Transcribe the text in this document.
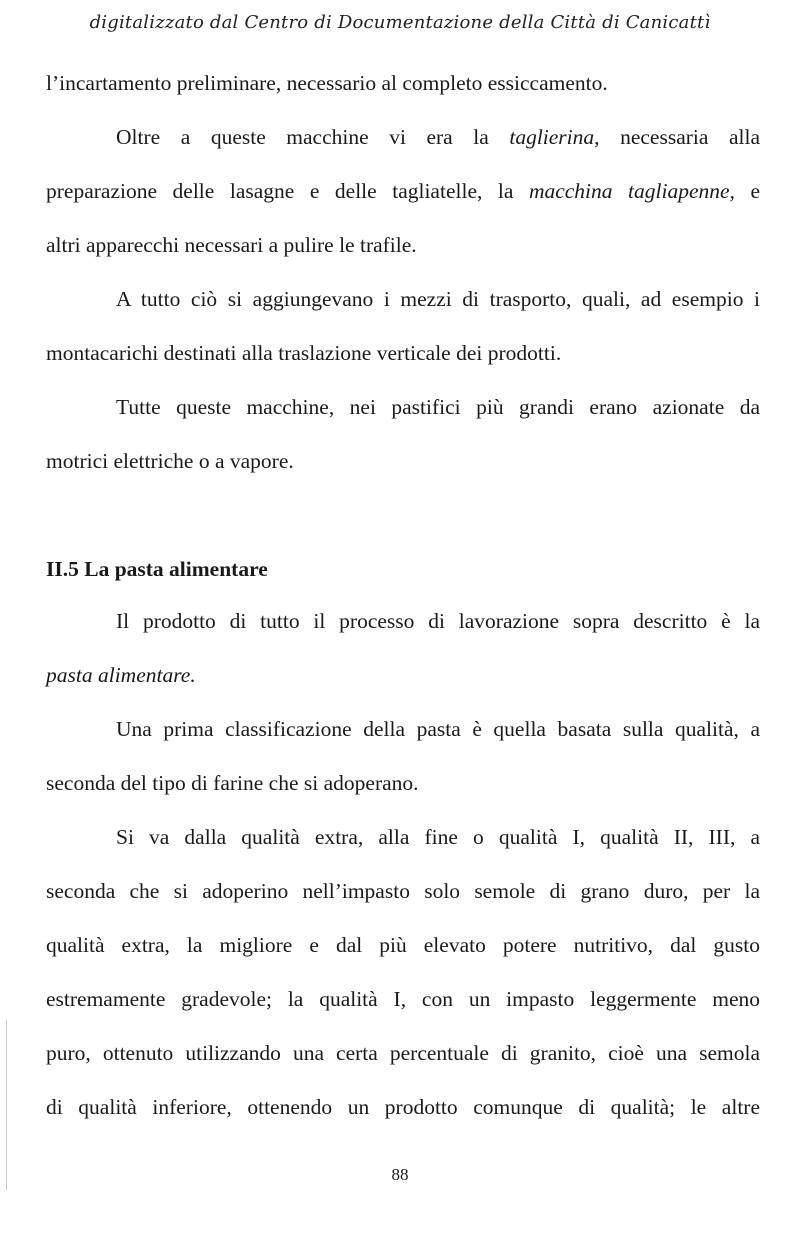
digitalizzato dal Centro di Documentazione della Città di Canicattì
l’incartamento preliminare, necessario al completo essiccamento.
Oltre a queste macchine vi era la taglierina, necessaria alla
preparazione delle lasagne e delle tagliatelle, la macchina tagliapenne, e
altri apparecchi necessari a pulire le trafile.
A tutto ciò si aggiungevano i mezzi di trasporto, quali, ad esempio i
montacarichi destinati alla traslazione verticale dei prodotti.
Tutte queste macchine, nei pastifici più grandi erano azionate da
motrici elettriche o a vapore.
II.5 La pasta alimentare
Il prodotto di tutto il processo di lavorazione sopra descritto è la
pasta alimentare.
Una prima classificazione della pasta è quella basata sulla qualità, a
seconda del tipo di farine che si adoperano.
Si va dalla qualità extra, alla fine o qualità I, qualità II, III, a
seconda che si adoperino nell’impasto solo semole di grano duro, per la
qualità extra, la migliore e dal più elevato potere nutritivo, dal gusto
estremamente gradevole; la qualità I, con un impasto leggermente meno
puro, ottenuto utilizzando una certa percentuale di granito, cioè una semola
di qualità inferiore, ottenendo un prodotto comunque di qualità; le altre
88
